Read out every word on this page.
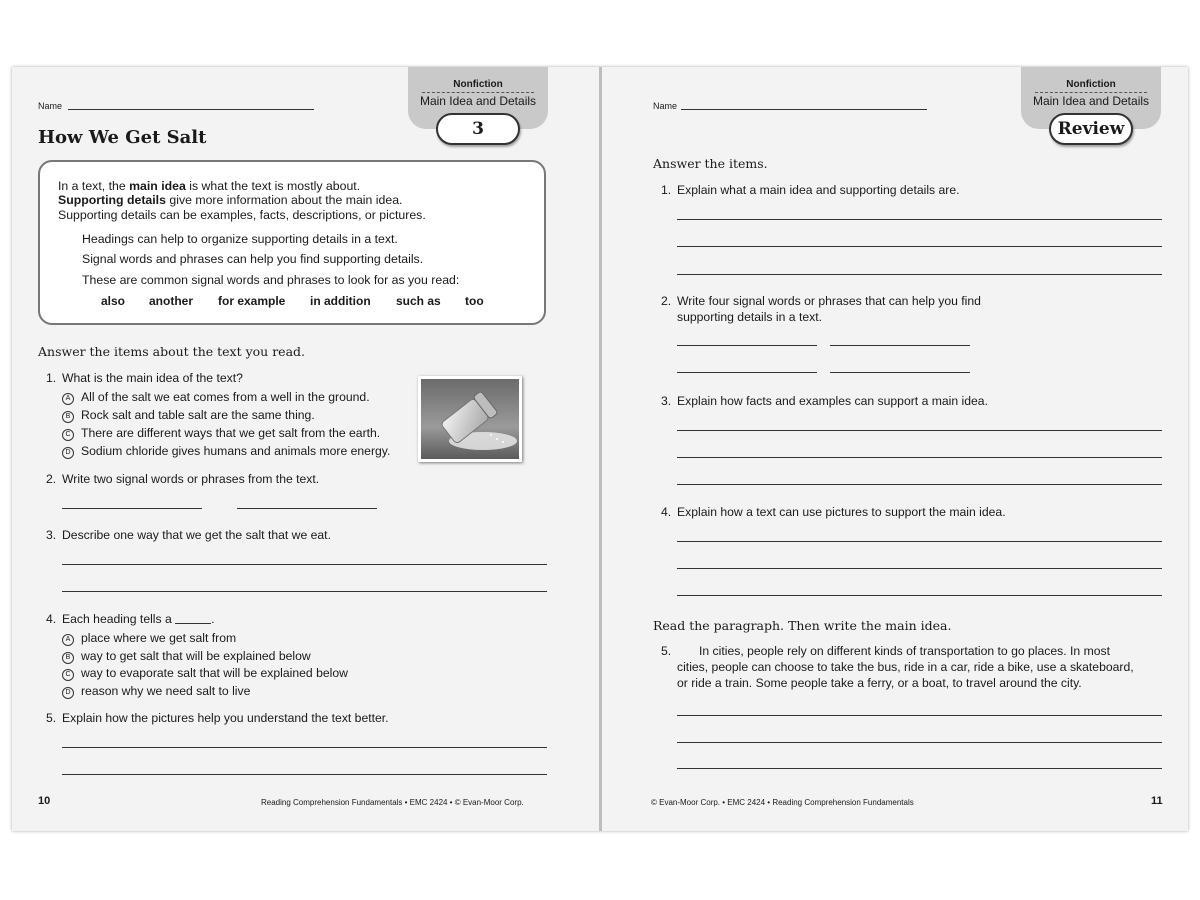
Nonfiction
Main Idea and Details
3
Name
How We Get Salt
In a text, the main idea is what the text is mostly about.
Supporting details give more information about the main idea.
Supporting details can be examples, facts, descriptions, or pictures.
Headings can help to organize supporting details in a text.
Signal words and phrases can help you find supporting details.
These are common signal words and phrases to look for as you read:
also another for example in addition such as too
Answer the items about the text you read.
1. What is the main idea of the text?
A All of the salt we eat comes from a well in the ground.
B Rock salt and table salt are the same thing.
C There are different ways that we get salt from the earth.
D Sodium chloride gives humans and animals more energy.
2. Write two signal words or phrases from the text.
3. Describe one way that we get the salt that we eat.
4. Each heading tells a	.
A place where we get salt from
B way to get salt that will be explained below
C way to evaporate salt that will be explained below
D reason why we need salt to live
5. Explain how the pictures help you understand the text better.
10	Reading Comprehension Fundamentals • EMC 2424 • © Evan-Moor Corp.
Nonfiction
Main Idea and Details
Review
Name
Answer the items.
1. Explain what a main idea and supporting details are.
2. Write four signal words or phrases that can help you find
supporting details in a text.
3. Explain how facts and examples can support a main idea.
4. Explain how a text can use pictures to support the main idea.
Read the paragraph. Then write the main idea.
5. In cities, people rely on different kinds of transportation to go places. In most
cities, people can choose to take the bus, ride in a car, ride a bike, use a skateboard,
or ride a train. Some people take a ferry, or a boat, to travel around the city.
© Evan-Moor Corp. • EMC 2424 • Reading Comprehension Fundamentals	11
